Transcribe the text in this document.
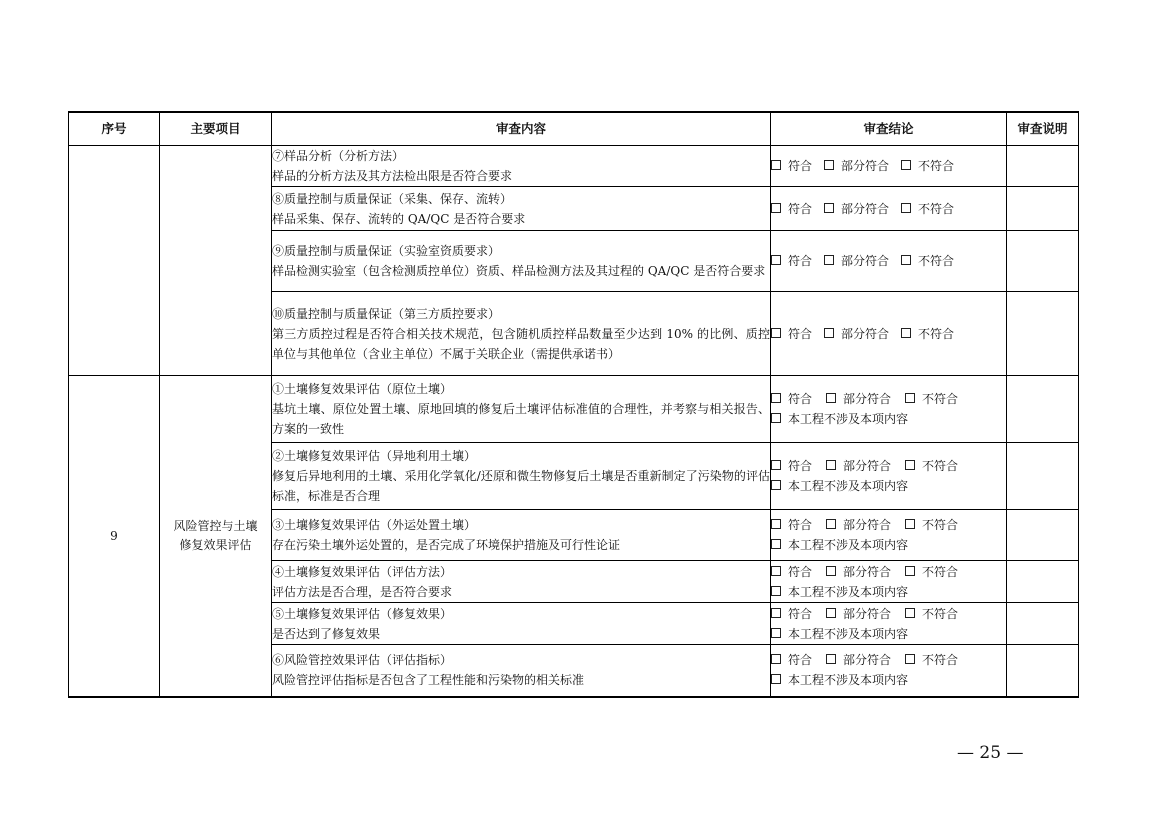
序号	主要项目	审查内容	审查结论	审查说明

		⑦样品分析（分析方法）
样品的分析方法及其方法检出限是否符合要求	符合 部分符合 不符合	

		⑧质量控制与质量保证（采集、保存、流转）
样品采集、保存、流转的 QA/QC 是否符合要求	符合 部分符合 不符合	

		⑨质量控制与质量保证（实验室资质要求）
样品检测实验室（包含检测质控单位）资质、样品检测方法及其过程的 QA/QC 是否符合要求	符合 部分符合 不符合	

		⑩质量控制与质量保证（第三方质控要求）
第三方质控过程是否符合相关技术规范，包含随机质控样品数量至少达到 10% 的比例、质控单位与其他单位（含业主单位）不属于关联企业（需提供承诺书）	符合 部分符合 不符合	

9	风险管控与土壤修复效果评估	①土壤修复效果评估（原位土壤）
基坑土壤、原位处置土壤、原地回填的修复后土壤评估标准值的合理性，并考察与相关报告、方案的一致性	符合 部分符合 不符合
本工程不涉及本项内容	

		②土壤修复效果评估（异地利用土壤）
修复后异地利用的土壤、采用化学氧化/还原和微生物修复后土壤是否重新制定了污染物的评估标准，标准是否合理	符合 部分符合 不符合
本工程不涉及本项内容	

		③土壤修复效果评估（外运处置土壤）
存在污染土壤外运处置的，是否完成了环境保护措施及可行性论证	符合 部分符合 不符合
本工程不涉及本项内容	

		④土壤修复效果评估（评估方法）
评估方法是否合理，是否符合要求	符合 部分符合 不符合
本工程不涉及本项内容	

		⑤土壤修复效果评估（修复效果）
是否达到了修复效果	符合 部分符合 不符合
本工程不涉及本项内容	

		⑥风险管控效果评估（评估指标）
风险管控评估指标是否包含了工程性能和污染物的相关标准	符合 部分符合 不符合
本工程不涉及本项内容	

— 25 —
